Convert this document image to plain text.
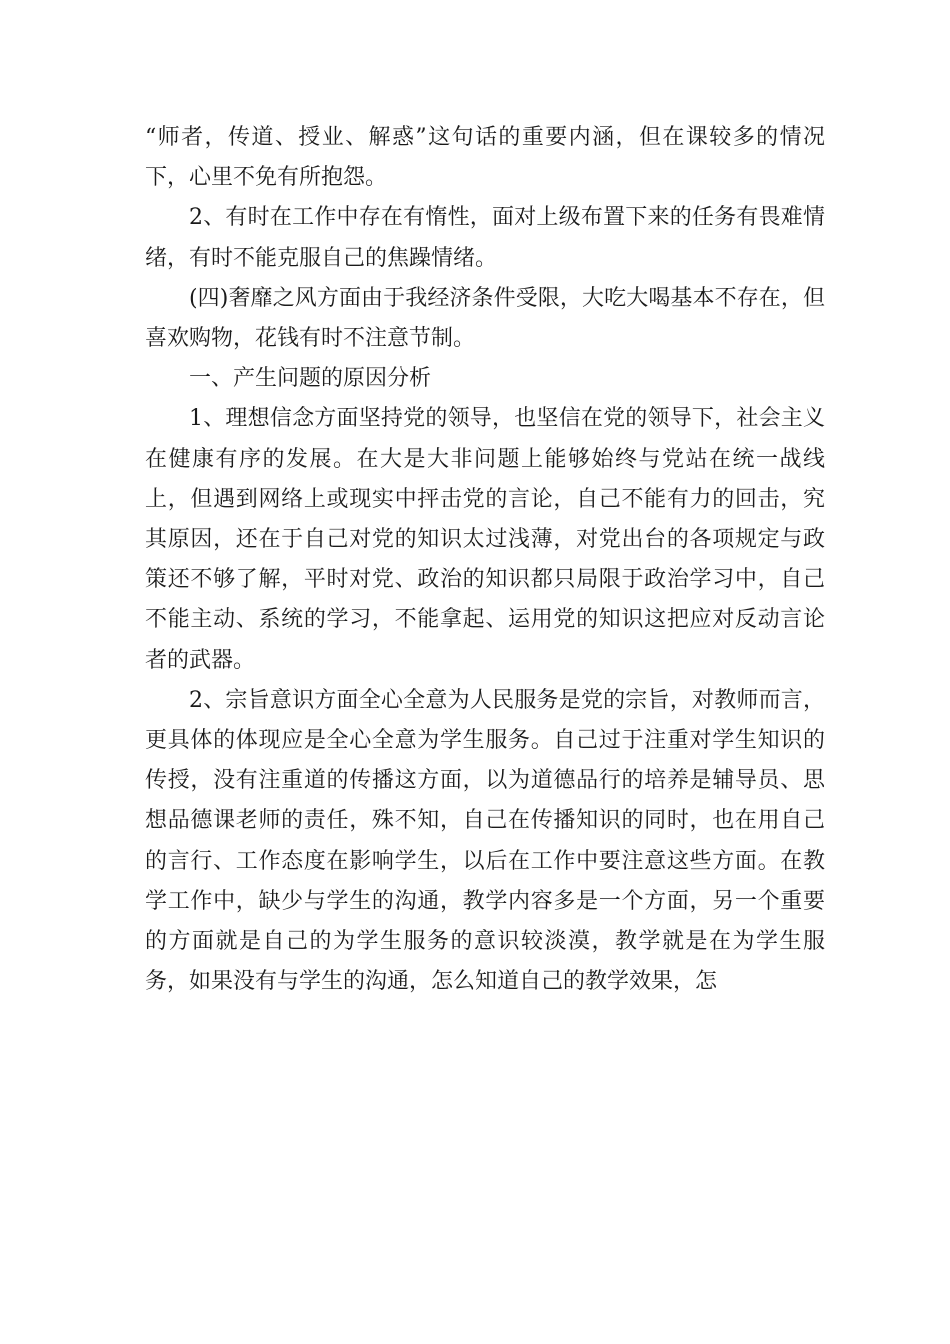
“师者，传道、授业、解惑”这句话的重要内涵，但在课较多的情况下，心里不免有所抱怨。

2、有时在工作中存在有惰性，面对上级布置下来的任务有畏难情绪，有时不能克服自己的焦躁情绪。

(四)奢靡之风方面由于我经济条件受限，大吃大喝基本不存在，但喜欢购物，花钱有时不注意节制。

一、产生问题的原因分析

1、理想信念方面坚持党的领导，也坚信在党的领导下，社会主义在健康有序的发展。在大是大非问题上能够始终与党站在统一战线上，但遇到网络上或现实中抨击党的言论，自己不能有力的回击，究其原因，还在于自己对党的知识太过浅薄，对党出台的各项规定与政策还不够了解，平时对党、政治的知识都只局限于政治学习中，自己不能主动、系统的学习，不能拿起、运用党的知识这把应对反动言论者的武器。

2、宗旨意识方面全心全意为人民服务是党的宗旨，对教师而言，更具体的体现应是全心全意为学生服务。自己过于注重对学生知识的传授，没有注重道的传播这方面，以为道德品行的培养是辅导员、思想品德课老师的责任，殊不知，自己在传播知识的同时，也在用自己的言行、工作态度在影响学生，以后在工作中要注意这些方面。在教学工作中，缺少与学生的沟通，教学内容多是一个方面，另一个重要的方面就是自己的为学生服务的意识较淡漠，教学就是在为学生服务，如果没有与学生的沟通，怎么知道自己的教学效果，怎
